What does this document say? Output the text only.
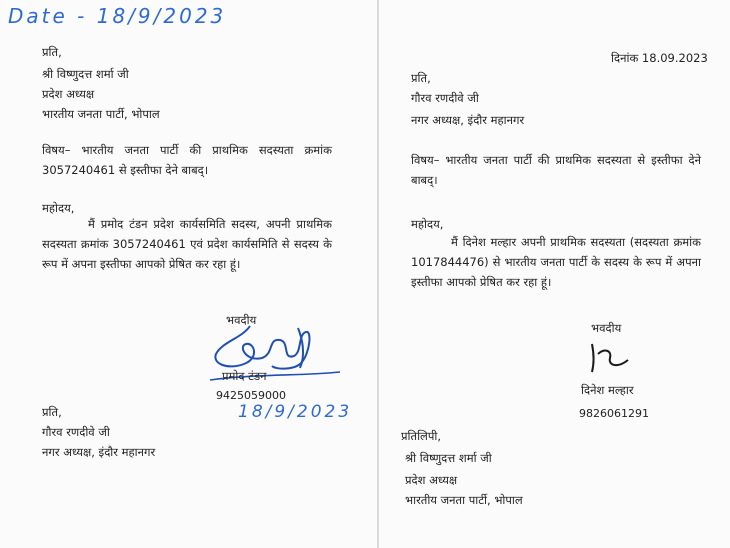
Date - 18/9/2023
प्रति,
श्री विष्णुदत्त शर्मा जी
प्रदेश अध्यक्ष
भारतीय जनता पार्टी, भोपाल
विषय– भारतीय जनता पार्टी की प्राथमिक सदस्यता क्रमांक 3057240461 से इस्तीफा देने बाबद्।
महोदय,
मैं प्रमोद टंडन प्रदेश कार्यसमिति सदस्य, अपनी प्राथमिक सदस्यता क्रमांक 3057240461 एवं प्रदेश कार्यसमिति से सदस्य के रूप में अपना इस्तीफा आपको प्रेषित कर रहा हूं।
भवदीय
प्रमोद टंडन
9425059000
18/9/2023
प्रति,
गौरव रणदीवे जी
नगर अध्यक्ष, इंदौर महानगर
दिनांक 18.09.2023
प्रति,
गौरव रणदीवे जी
नगर अध्यक्ष, इंदौर महानगर
विषय– भारतीय जनता पार्टी की प्राथमिक सदस्यता से इस्तीफा देने बाबद्।
महोदय,
मैं दिनेश मल्हार अपनी प्राथमिक सदस्यता (सदस्यता क्रमांक 1017844476) से भारतीय जनता पार्टी के सदस्य के रूप में अपना इस्तीफा आपको प्रेषित कर रहा हूं।
भवदीय
दिनेश मल्हार
9826061291
प्रतिलिपी,
श्री विष्णुदत्त शर्मा जी
प्रदेश अध्यक्ष
भारतीय जनता पार्टी, भोपाल
